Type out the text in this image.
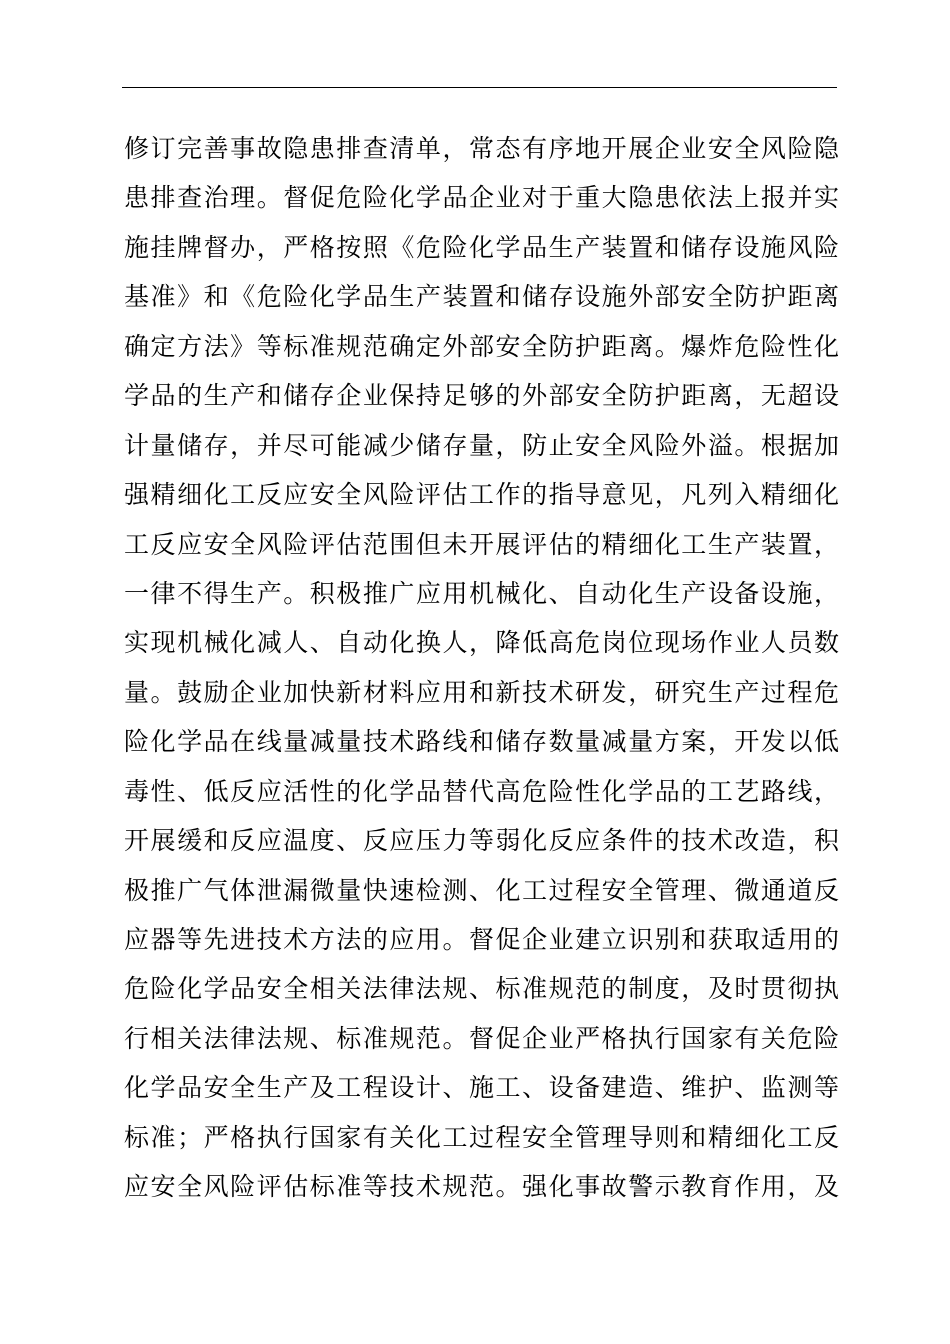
修订完善事故隐患排查清单，常态有序地开展企业安全风险隐
患排查治理。督促危险化学品企业对于重大隐患依法上报并实
施挂牌督办，严格按照《危险化学品生产装置和储存设施风险
基准》和《危险化学品生产装置和储存设施外部安全防护距离
确定方法》等标准规范确定外部安全防护距离。爆炸危险性化
学品的生产和储存企业保持足够的外部安全防护距离，无超设
计量储存，并尽可能减少储存量，防止安全风险外溢。根据加
强精细化工反应安全风险评估工作的指导意见，凡列入精细化
工反应安全风险评估范围但未开展评估的精细化工生产装置，
一律不得生产。积极推广应用机械化、自动化生产设备设施，
实现机械化减人、自动化换人，降低高危岗位现场作业人员数
量。鼓励企业加快新材料应用和新技术研发，研究生产过程危
险化学品在线量减量技术路线和储存数量减量方案，开发以低
毒性、低反应活性的化学品替代高危险性化学品的工艺路线，
开展缓和反应温度、反应压力等弱化反应条件的技术改造，积
极推广气体泄漏微量快速检测、化工过程安全管理、微通道反
应器等先进技术方法的应用。督促企业建立识别和获取适用的
危险化学品安全相关法律法规、标准规范的制度，及时贯彻执
行相关法律法规、标准规范。督促企业严格执行国家有关危险
化学品安全生产及工程设计、施工、设备建造、维护、监测等
标准；严格执行国家有关化工过程安全管理导则和精细化工反
应安全风险评估标准等技术规范。强化事故警示教育作用，及
